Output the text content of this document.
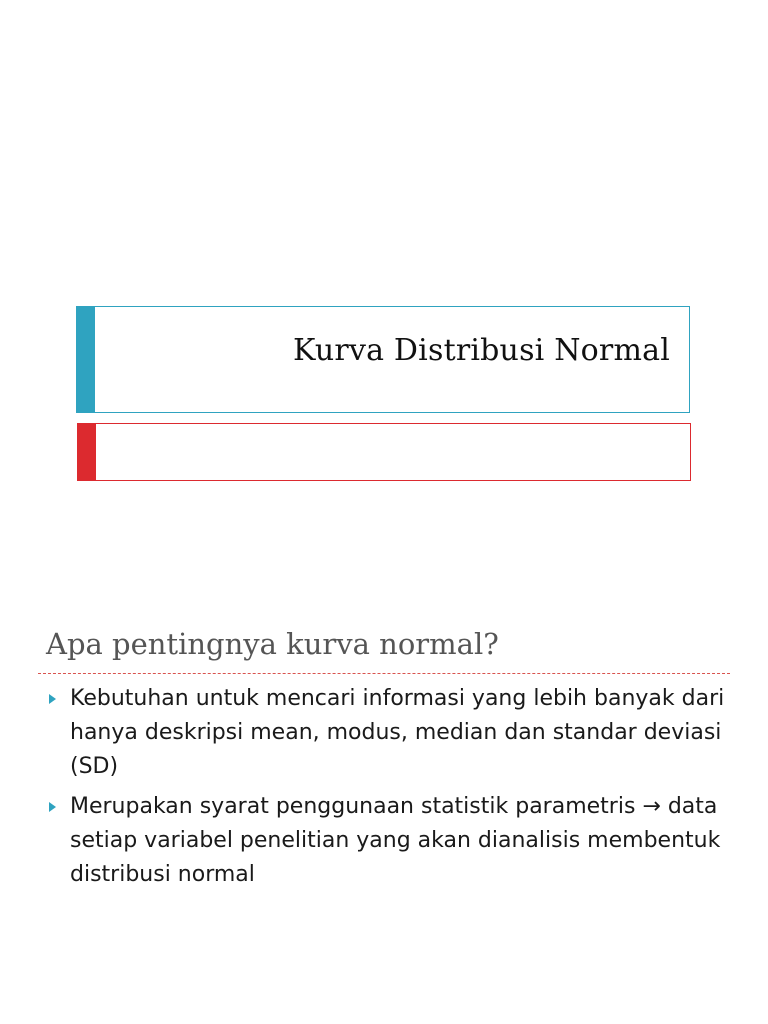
Kurva Distribusi Normal
Apa pentingnya kurva normal?
Kebutuhan untuk mencari informasi yang lebih banyak dari hanya deskripsi mean, modus, median dan standar deviasi (SD)
Merupakan syarat penggunaan statistik parametris → data setiap variabel penelitian yang akan dianalisis membentuk distribusi normal
